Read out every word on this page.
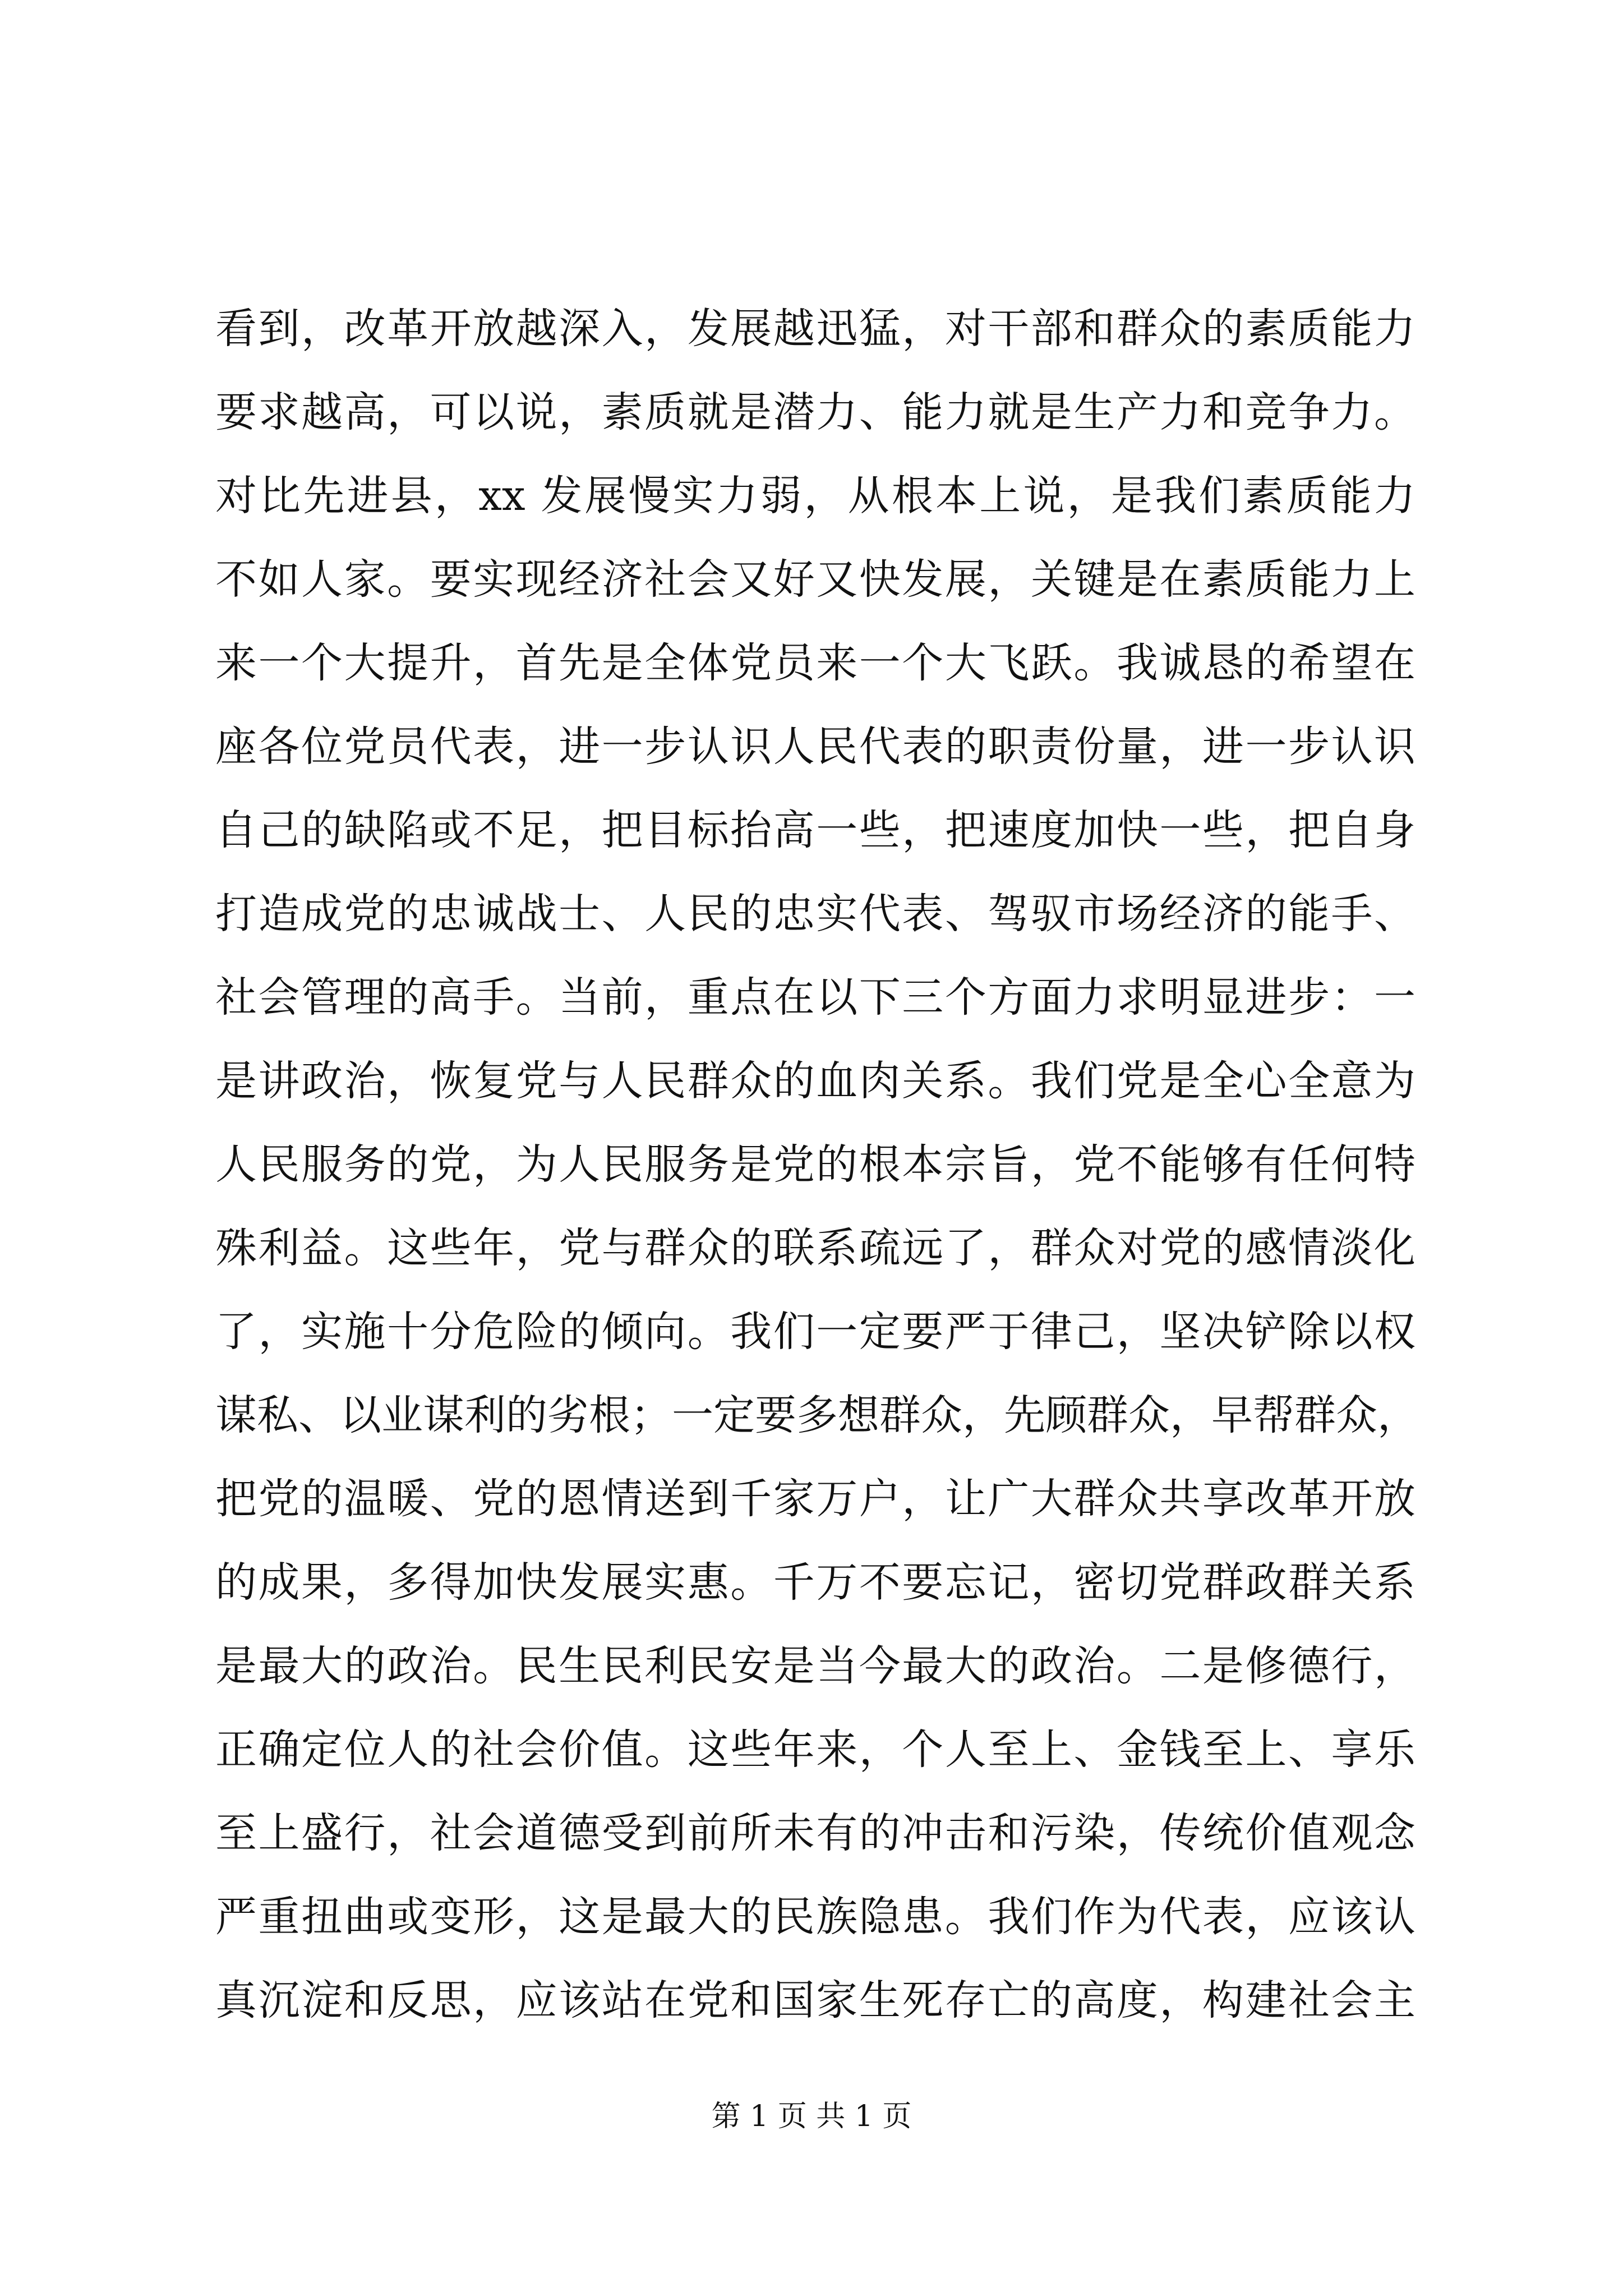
看到，改革开放越深入，发展越迅猛，对干部和群众的素质能力
要求越高，可以说，素质就是潜力、能力就是生产力和竞争力。
对比先进县，xx 发展慢实力弱，从根本上说，是我们素质能力
不如人家。要实现经济社会又好又快发展，关键是在素质能力上
来一个大提升，首先是全体党员来一个大飞跃。我诚恳的希望在
座各位党员代表，进一步认识人民代表的职责份量，进一步认识
自己的缺陷或不足，把目标抬高一些，把速度加快一些，把自身
打造成党的忠诚战士、人民的忠实代表、驾驭市场经济的能手、
社会管理的高手。当前，重点在以下三个方面力求明显进步：一
是讲政治，恢复党与人民群众的血肉关系。我们党是全心全意为
人民服务的党，为人民服务是党的根本宗旨，党不能够有任何特
殊利益。这些年，党与群众的联系疏远了，群众对党的感情淡化
了，实施十分危险的倾向。我们一定要严于律己，坚决铲除以权
谋私、以业谋利的劣根；一定要多想群众，先顾群众，早帮群众，
把党的温暖、党的恩情送到千家万户，让广大群众共享改革开放
的成果，多得加快发展实惠。千万不要忘记，密切党群政群关系
是最大的政治。民生民利民安是当今最大的政治。二是修德行，
正确定位人的社会价值。这些年来，个人至上、金钱至上、享乐
至上盛行，社会道德受到前所未有的冲击和污染，传统价值观念
严重扭曲或变形，这是最大的民族隐患。我们作为代表，应该认
真沉淀和反思，应该站在党和国家生死存亡的高度，构建社会主
第 1 页 共 1 页
